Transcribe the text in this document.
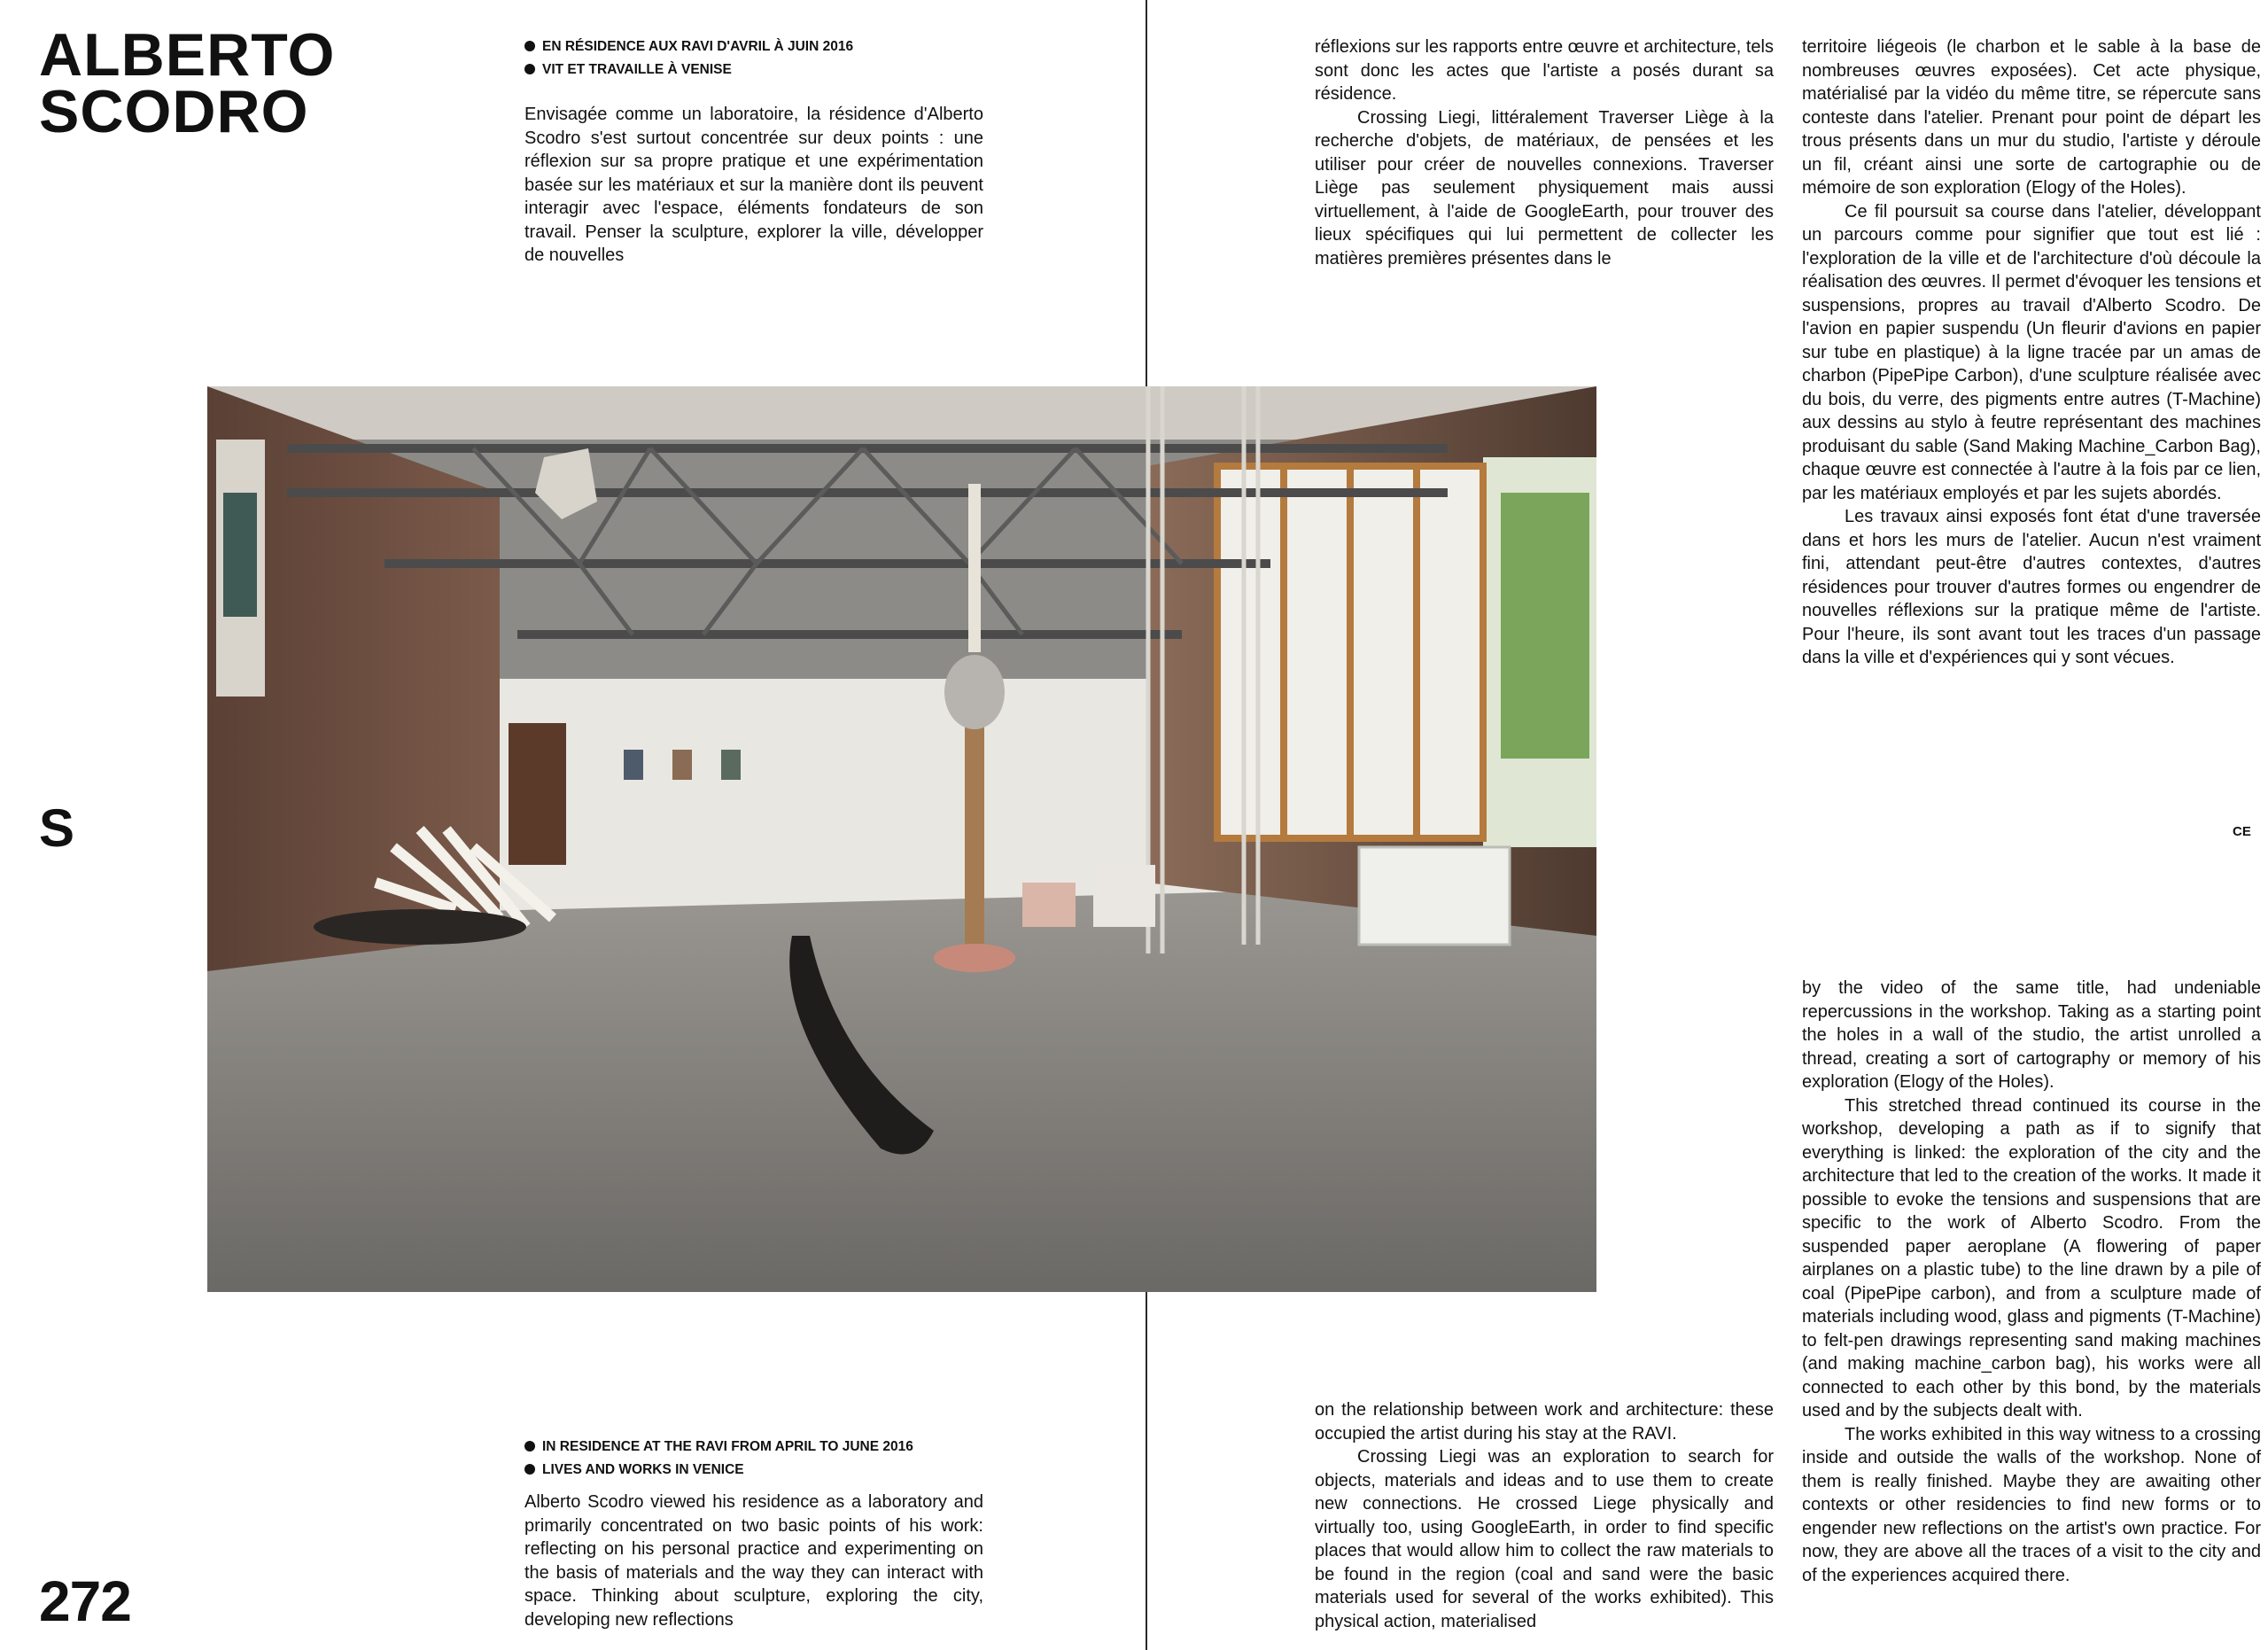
ALBERTO
SCODRO
S
272
CE
EN RÉSIDENCE AUX RAVI D'AVRIL À JUIN 2016
VIT ET TRAVAILLE À VENISE

Envisagée comme un laboratoire, la résidence d'Alberto Scodro s'est surtout concentrée sur deux points : une réflexion sur sa propre pratique et une expérimentation basée sur les matériaux et sur la manière dont ils peuvent interagir avec l'espace, éléments fondateurs de son travail. Penser la sculpture, explorer la ville, développer de nouvelles

réflexions sur les rapports entre œuvre et architecture, tels sont donc les actes que l'artiste a posés durant sa résidence.

Crossing Liegi, littéralement Traverser Liège à la recherche d'objets, de matériaux, de pensées et les utiliser pour créer de nouvelles connexions. Traverser Liège pas seulement physiquement mais aussi virtuellement, à l'aide de GoogleEarth, pour trouver des lieux spécifiques qui lui permettent de collecter les matières premières présentes dans le

territoire liégeois (le charbon et le sable à la base de nombreuses œuvres exposées). Cet acte physique, matérialisé par la vidéo du même titre, se répercute sans conteste dans l'atelier. Prenant pour point de départ les trous présents dans un mur du studio, l'artiste y déroule un fil, créant ainsi une sorte de cartographie ou de mémoire de son exploration (Elogy of the Holes).

Ce fil poursuit sa course dans l'atelier, développant un parcours comme pour signifier que tout est lié : l'exploration de la ville et de l'architecture d'où découle la réalisation des œuvres. Il permet d'évoquer les tensions et suspensions, propres au travail d'Alberto Scodro. De l'avion en papier suspendu (Un fleurir d'avions en papier sur tube en plastique) à la ligne tracée par un amas de charbon (PipePipe Carbon), d'une sculpture réalisée avec du bois, du verre, des pigments entre autres (T-Machine) aux dessins au stylo à feutre représentant des machines produisant du sable (Sand Making Machine_Carbon Bag), chaque œuvre est connectée à l'autre à la fois par ce lien, par les matériaux employés et par les sujets abordés.

Les travaux ainsi exposés font état d'une traversée dans et hors les murs de l'atelier. Aucun n'est vraiment fini, attendant peut-être d'autres contextes, d'autres résidences pour trouver d'autres formes ou engendrer de nouvelles réflexions sur la pratique même de l'artiste. Pour l'heure, ils sont avant tout les traces d'un passage dans la ville et d'expériences qui y sont vécues.

IN RESIDENCE AT THE RAVI FROM APRIL TO JUNE 2016
LIVES AND WORKS IN VENICE

Alberto Scodro viewed his residence as a laboratory and primarily concentrated on two basic points of his work: reflecting on his personal practice and experimenting on the basis of materials and the way they can interact with space. Thinking about sculpture, exploring the city, developing new reflections

on the relationship between work and architecture: these occupied the artist during his stay at the RAVI.

Crossing Liegi was an exploration to search for objects, materials and ideas and to use them to create new connections. He crossed Liege physically and virtually too, using GoogleEarth, in order to find specific places that would allow him to collect the raw materials to be found in the region (coal and sand were the basic materials used for several of the works exhibited). This physical action, materialised

by the video of the same title, had undeniable repercussions in the workshop. Taking as a starting point the holes in a wall of the studio, the artist unrolled a thread, creating a sort of cartography or memory of his exploration (Elogy of the Holes).

This stretched thread continued its course in the workshop, developing a path as if to signify that everything is linked: the exploration of the city and the architecture that led to the creation of the works. It made it possible to evoke the tensions and suspensions that are specific to the work of Alberto Scodro. From the suspended paper aeroplane (A flowering of paper airplanes on a plastic tube) to the line drawn by a pile of coal (PipePipe carbon), and from a sculpture made of materials including wood, glass and pigments (T-Machine) to felt-pen drawings representing sand making machines (and making machine_carbon bag), his works were all connected to each other by this bond, by the materials used and by the subjects dealt with.

The works exhibited in this way witness to a crossing inside and outside the walls of the workshop. None of them is really finished. Maybe they are awaiting other contexts or other residencies to find new forms or to engender new reflections on the artist's own practice. For now, they are above all the traces of a visit to the city and of the experiences acquired there.
